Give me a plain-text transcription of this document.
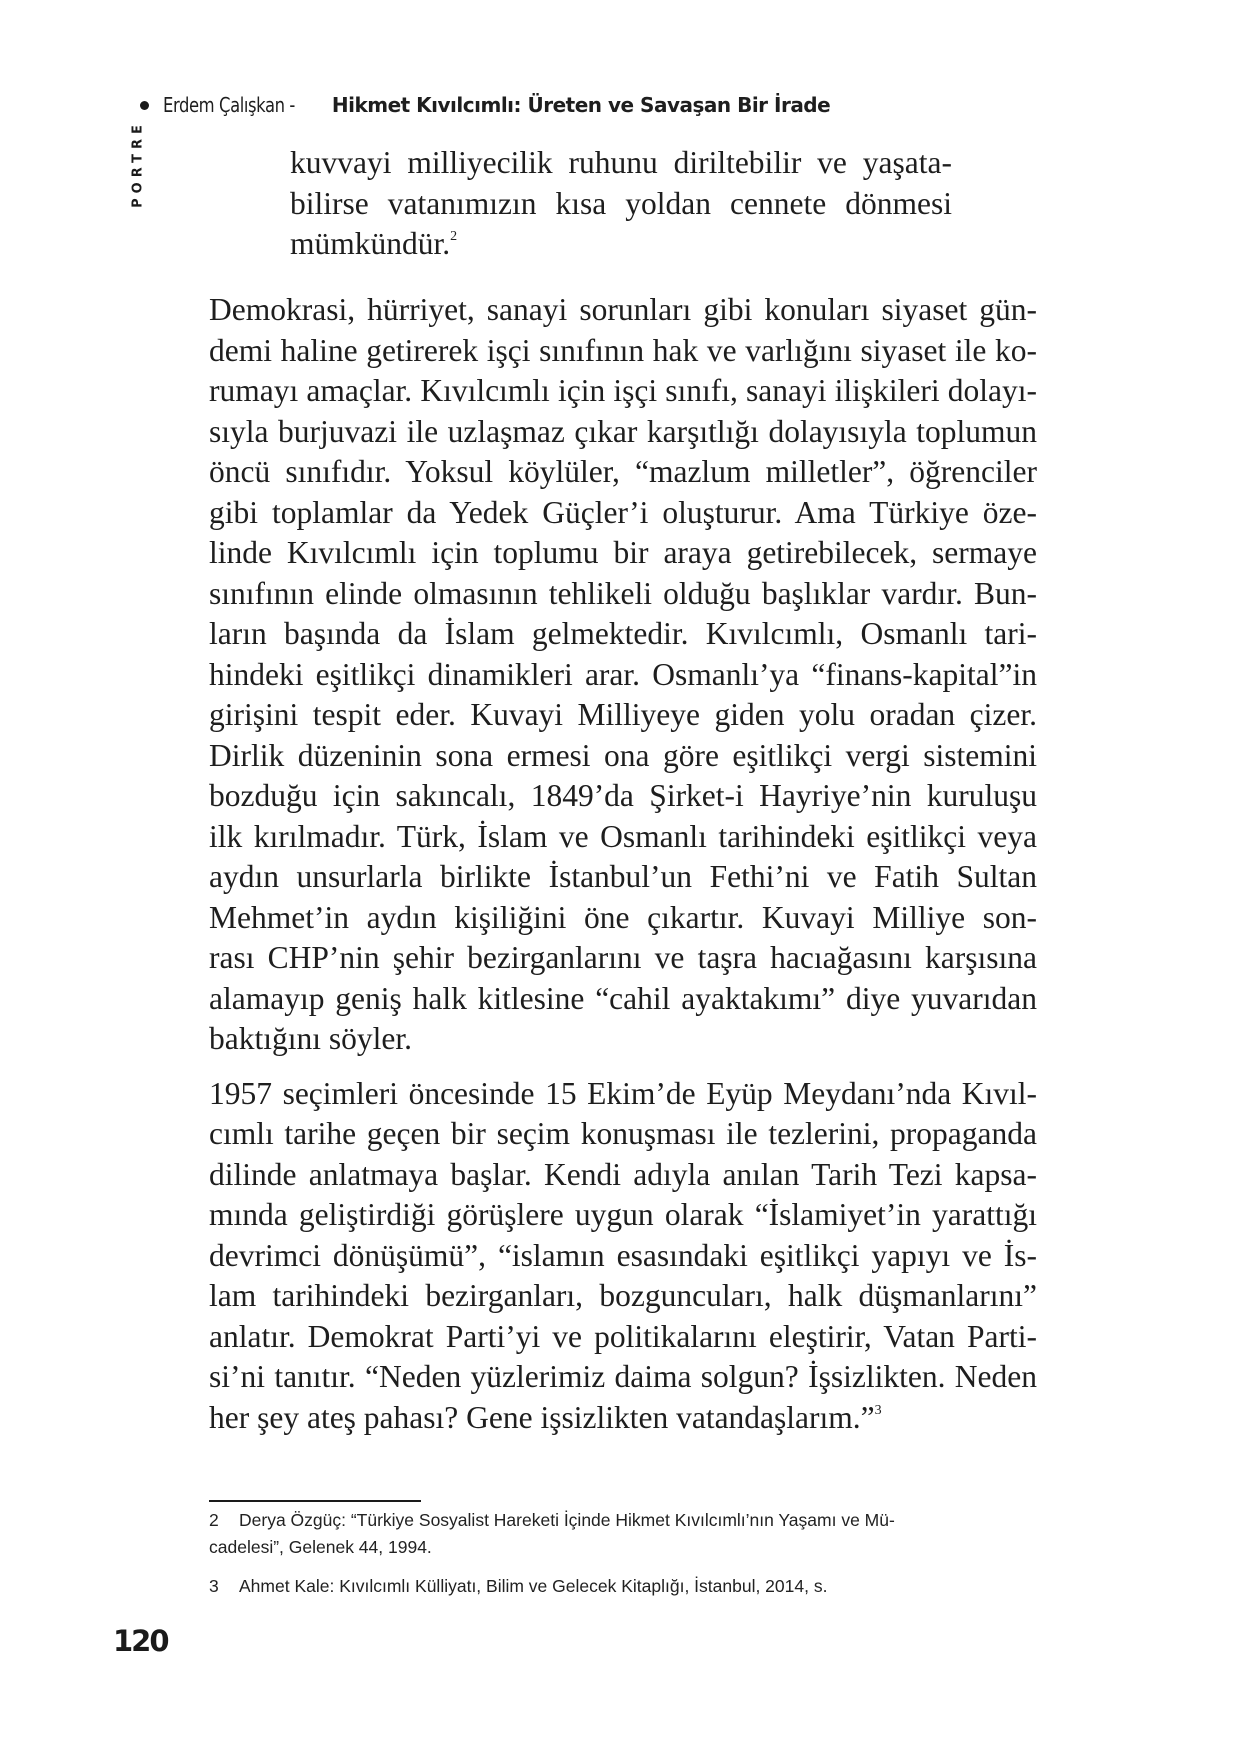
Erdem Çalışkan - Hikmet Kıvılcımlı: Üreten ve Savaşan Bir İrade
PORTRE	kuvvayi milliyecilik ruhunu diriltebilir ve yaşata-
bilirse vatanımızın kısa yoldan cennete dönmesi
mümkündür.$^2$
Demokrasi, hürriyet, sanayi sorunları gibi konuları siyaset gün-
demi haline getirerek işçi sınıfının hak ve varlığını siyaset ile ko-
rumayı amaçlar. Kıvılcımlı için işçi sınıfı, sanayi ilişkileri dolayı-
sıyla burjuvazi ile uzlaşmaz çıkar karşıtlığı dolayısıyla toplumun
öncü sınıfıdır. Yoksul köylüler, “mazlum milletler”, öğrenciler
gibi toplamlar da Yedek Güçler’i oluşturur. Ama Türkiye öze-
linde Kıvılcımlı için toplumu bir araya getirebilecek, sermaye
sınıfının elinde olmasının tehlikeli olduğu başlıklar vardır. Bun-
ların başında da İslam gelmektedir. Kıvılcımlı, Osmanlı tari-
hindeki eşitlikçi dinamikleri arar. Osmanlı’ya “finans-kapital”in
girişini tespit eder. Kuvayi Milliyeye giden yolu oradan çizer.
Dirlik düzeninin sona ermesi ona göre eşitlikçi vergi sistemini
bozduğu için sakıncalı, 1849’da Şirket-i Hayriye’nin kuruluşu
ilk kırılmadır. Türk, İslam ve Osmanlı tarihindeki eşitlikçi veya
aydın unsurlarla birlikte İstanbul’un Fethi’ni ve Fatih Sultan
Mehmet’in aydın kişiliğini öne çıkartır. Kuvayi Milliye son-
rası CHP’nin şehir bezirganlarını ve taşra hacıağasını karşısına
alamayıp geniş halk kitlesine “cahil ayaktakımı” diye yuvarıdan
baktığını söyler.
1957 seçimleri öncesinde 15 Ekim’de Eyüp Meydanı’nda Kıvıl-
cımlı tarihe geçen bir seçim konuşması ile tezlerini, propaganda
dilinde anlatmaya başlar. Kendi adıyla anılan Tarih Tezi kapsa-
mında geliştirdiği görüşlere uygun olarak “İslamiyet’in yarattığı
devrimci dönüşümü”, “islamın esasındaki eşitlikçi yapıyı ve İs-
lam tarihindeki bezirganları, bozguncuları, halk düşmanlarını”
anlatır. Demokrat Parti’yi ve politikalarını eleştirir, Vatan Parti-
si’ni tanıtır. “Neden yüzlerimiz daima solgun? İşsizlikten. Neden
her şey ateş pahası? Gene işsizlikten vatandaşlarım.”$^3$
2 Derya Özgüç: “Türkiye Sosyalist Hareketi İçinde Hikmet Kıvılcımlı’nın Yaşamı ve Mü-
cadelesi”, Gelenek 44, 1994.
3 Ahmet Kale: Kıvılcımlı Külliyatı, Bilim ve Gelecek Kitaplığı, İstanbul, 2014, s.
120
